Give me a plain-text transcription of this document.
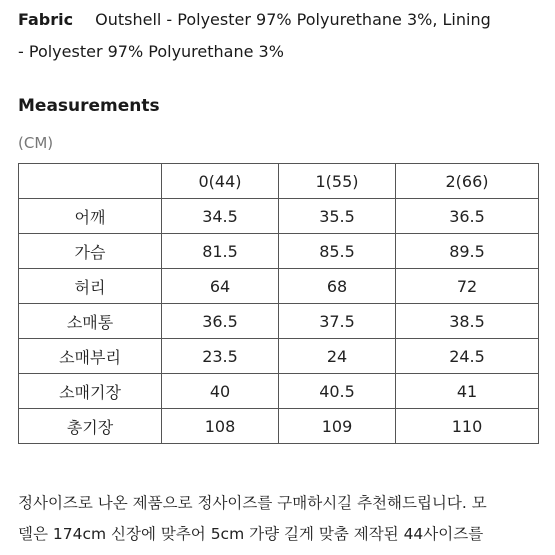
Fabric Outshell - Polyester 97% Polyurethane 3%, Lining
- Polyester 97% Polyurethane 3%
Measurements
(CM)
	0(44)	1(55)	2(66)
어깨	34.5	35.5	36.5
가슴	81.5	85.5	89.5
허리	64	68	72
소매통	36.5	37.5	38.5
소매부리	23.5	24	24.5
소매기장	40	40.5	41
총기장	108	109	110
정사이즈로 나온 제품으로 정사이즈를 구매하시길 추천해드립니다. 모
델은 174cm 신장에 맞추어 5cm 가량 길게 맞춤 제작된 44사이즈를
